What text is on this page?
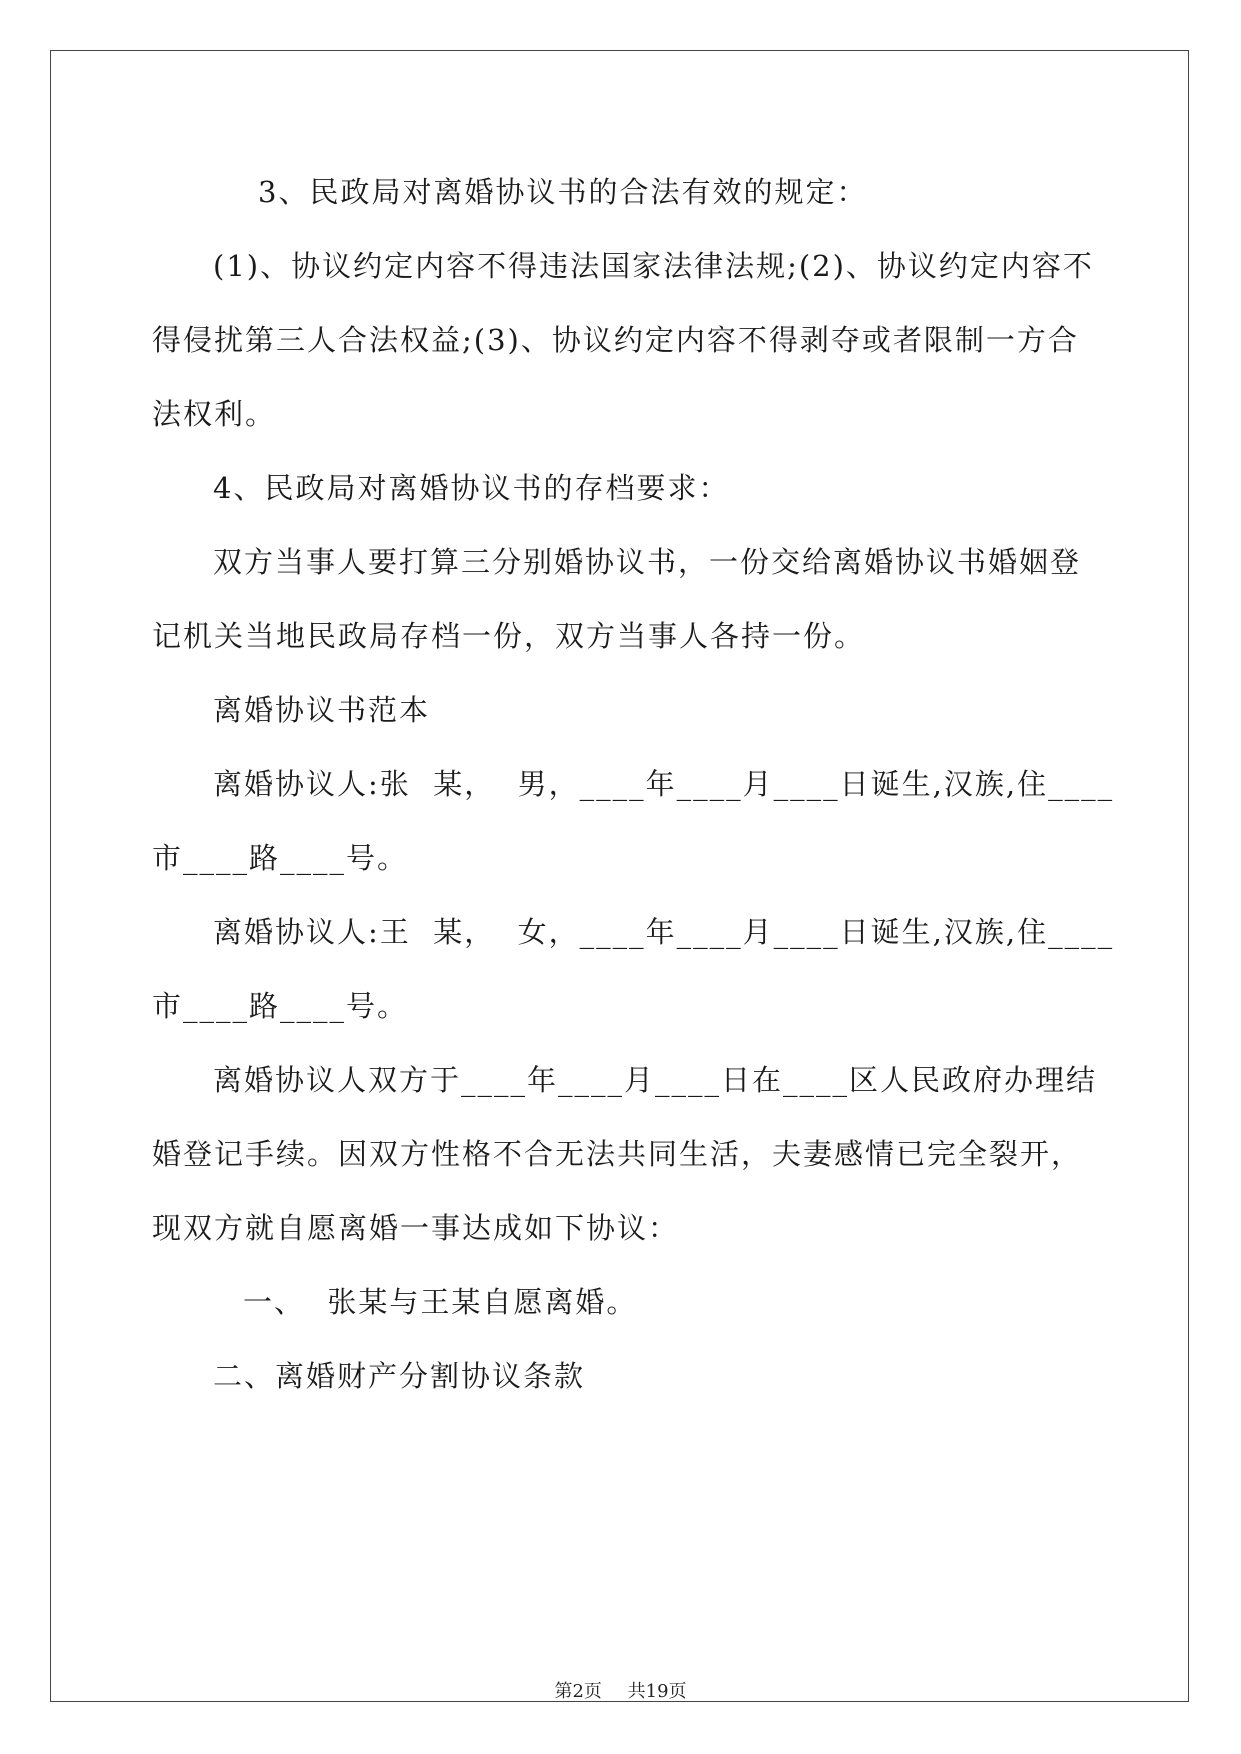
3、民政局对离婚协议书的合法有效的规定：
(1)、协议约定内容不得违法国家法律法规;(2)、协议约定内容不
得侵扰第三人合法权益;(3)、协议约定内容不得剥夺或者限制一方合
法权利。
4、民政局对离婚协议书的存档要求：
双方当事人要打算三分别婚协议书，一份交给离婚协议书婚姻登
记机关当地民政局存档一份，双方当事人各持一份。
离婚协议书范本
离婚协议人:张  某，  男，____年____月____日诞生,汉族,住____
市____路____号。
离婚协议人:王  某，  女，____年____月____日诞生,汉族,住____
市____路____号。
离婚协议人双方于____年____月____日在____区人民政府办理结
婚登记手续。因双方性格不合无法共同生活，夫妻感情已完全裂开，
现双方就自愿离婚一事达成如下协议：
一、  张某与王某自愿离婚。
二、离婚财产分割协议条款
第2页 共19页
